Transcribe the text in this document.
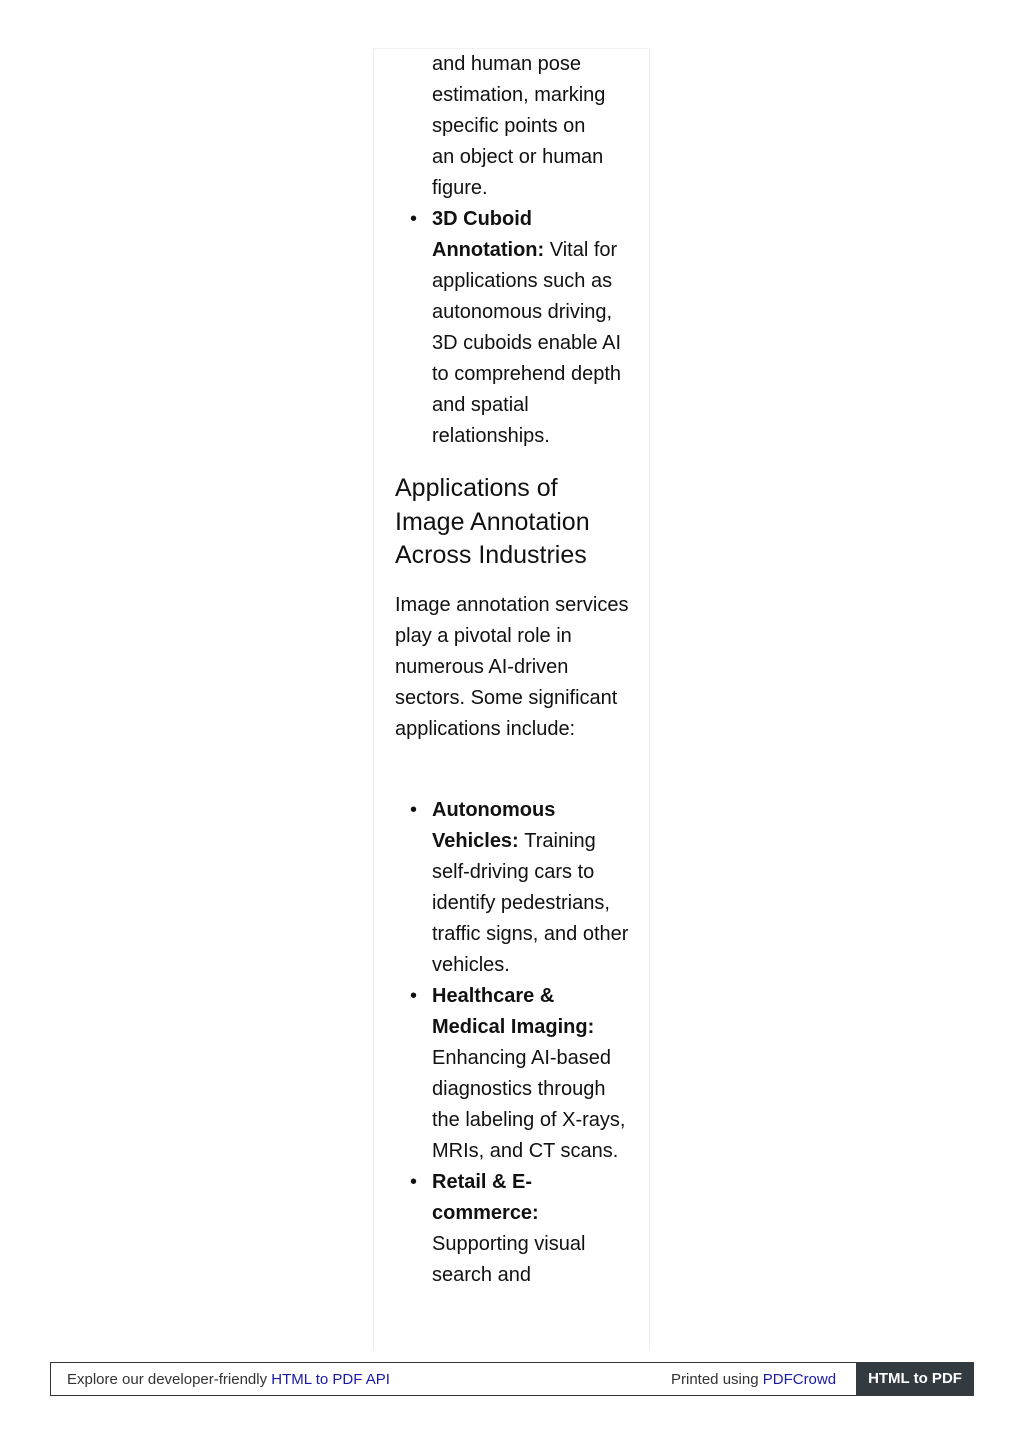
and human pose
estimation, marking
specific points on
an object or human
figure.
• 3D Cuboid Annotation: Vital for applications such as autonomous driving, 3D cuboids enable AI to comprehend depth and spatial relationships.
Applications of Image Annotation Across Industries

Image annotation services play a pivotal role in numerous AI-driven sectors. Some significant applications include:

• Autonomous Vehicles: Training self-driving cars to identify pedestrians, traffic signs, and other vehicles.
• Healthcare & Medical Imaging: Enhancing AI-based diagnostics through the labeling of X-rays, MRIs, and CT scans.
• Retail & E-commerce: Supporting visual search and
Explore our developer-friendly HTML to PDF API	Printed using PDFCrowd	HTML to PDF
